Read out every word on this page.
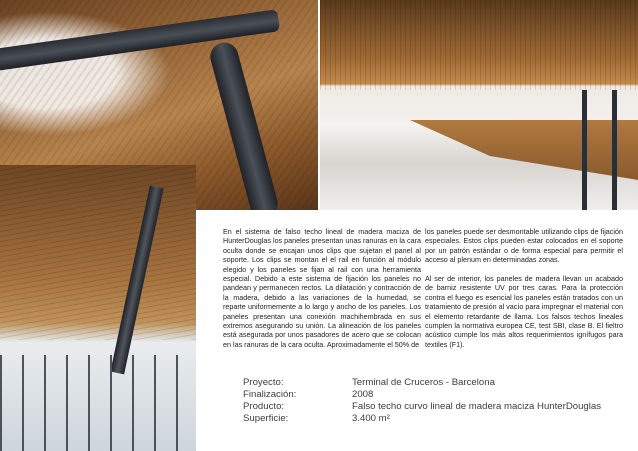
En el sistema de falso techo lineal de madera maciza de HunterDouglas los paneles presentan unas ranuras en la cara oculta donde se encajan unos clips que sujetan el panel al soporte. Los clips se montan el el rail en función al módulo elegido y los paneles se fijan al rail con una herramienta especial. Debido a este sistema de fijación los paneles no pandean y permanecen rectos. La dilatación y contracción de la madera, debido a las variaciones de la humedad, se reparte uniformemente a lo largo y ancho de los paneles. Los paneles presentan una conexión machihembrada en sus extremos asegurando su unión. La alineación de los paneles está asegurada por unos pasadores de acero que se colocan en las ranuras de la cara oculta. Aproximadamente el 50% de

los paneles puede ser desmontable utilizando clips de fijación especiales. Estos clips pueden estar colocados en el soporte por un patrón estándar o de forma especial para permitir el acceso al plenum en determinadas zonas.

Al ser de interior, los paneles de madera llevan un acabado de barniz resistente UV por tres caras. Para la protección contra el fuego es esencial los paneles están tratados con un tratamiento de presión al vacío para impregnar el material con el elemento retardante de llama. Los falsos techos lineales cumplen la normativa europea CE, test SBI, clase B. El fieltro acústico cumple los más altos requerimientos ignífugos para textiles (F1).

Proyecto:	Terminal de Cruceros - Barcelona
Finalización:	2008
Producto:	Falso techo curvo lineal de madera maciza HunterDouglas
Superficie:	3.400 m²
